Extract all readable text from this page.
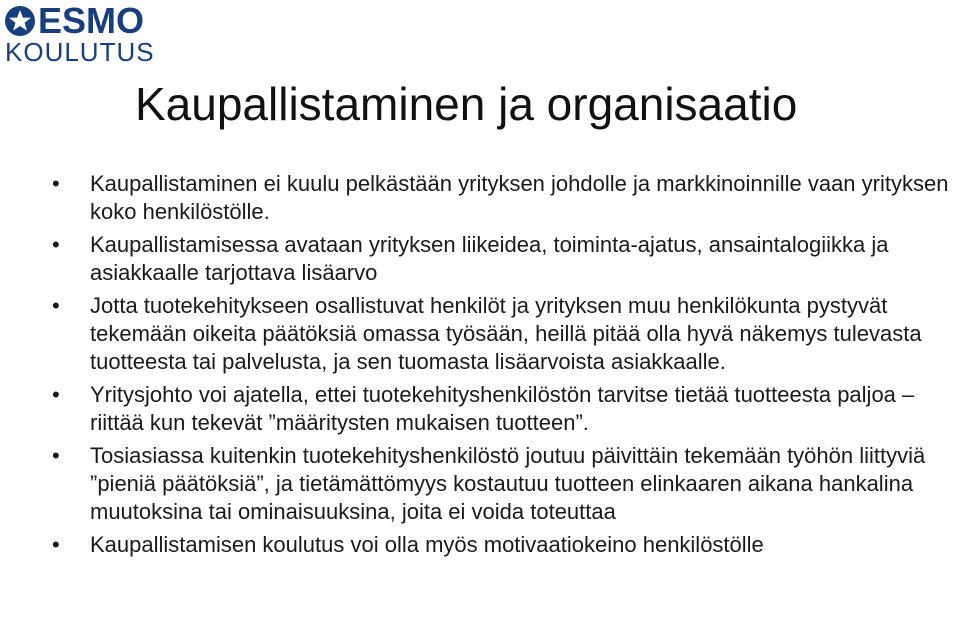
ESMO
KOULUTUS
Kaupallistaminen ja organisaatio
• Kaupallistaminen ei kuulu pelkästään yrityksen johdolle ja markkinoinnille vaan yrityksen koko henkilöstölle.
• Kaupallistamisessa avataan yrityksen liikeidea, toiminta-ajatus, ansaintalogiikka ja asiakkaalle tarjottava lisäarvo
• Jotta tuotekehitykseen osallistuvat henkilöt ja yrityksen muu henkilökunta pystyvät tekemään oikeita päätöksiä omassa työsään, heillä pitää olla hyvä näkemys tulevasta tuotteesta tai palvelusta, ja sen tuomasta lisäarvoista asiakkaalle.
• Yritysjohto voi ajatella, ettei tuotekehityshenkilöstön tarvitse tietää tuotteesta paljoa – riittää kun tekevät ”määritysten mukaisen tuotteen”.
• Tosiasiassa kuitenkin tuotekehityshenkilöstö joutuu päivittäin tekemään työhön liittyviä ”pieniä päätöksiä”, ja tietämättömyys kostautuu tuotteen elinkaaren aikana hankalina muutoksina tai ominaisuuksina, joita ei voida toteuttaa
• Kaupallistamisen koulutus voi olla myös motivaatiokeino henkilöstölle
